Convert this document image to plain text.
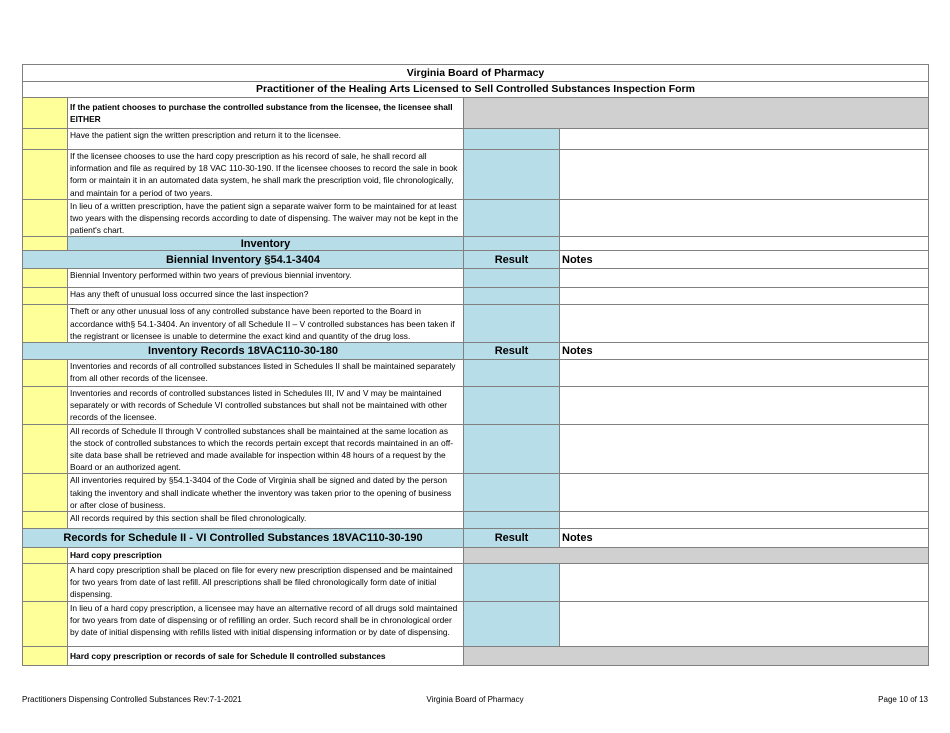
Virginia Board of Pharmacy			
Practitioner of the Healing Arts Licensed to Sell Controlled Substances Inspection Form			
	If the patient chooses to purchase the controlled substance from the licensee, the licensee shall EITHER		
	Have the patient sign the written prescription and return it to the licensee.		
	If the licensee chooses to use the hard copy prescription as his record of sale, he shall record all information and file as required by 18 VAC 110-30-190. If the licensee chooses to record the sale in book form or maintain it in an automated data system, he shall mark the prescription void, file chronologically, and maintain for a period of two years.		
	In lieu of a written prescription, have the patient sign a separate waiver form to be maintained for at least two years with the dispensing records according to date of dispensing. The waiver may not be kept in the patient's chart.		
	Inventory		
Biennial Inventory §54.1-3404		Result	Notes
	Biennial Inventory performed within two years of previous biennial inventory.		
	Has any theft of unusual loss occurred since the last inspection?		
	Theft or any other unusual loss of any controlled substance have been reported to the Board in accordance with§ 54.1-3404. An inventory of all Schedule II – V controlled substances has been taken if the registrant or licensee is unable to determine the exact kind and quantity of the drug loss.		
Inventory Records 18VAC110-30-180		Result	Notes
	Inventories and records of all controlled substances listed in Schedules II shall be maintained separately from all other records of the licensee.		
	Inventories and records of controlled substances listed in Schedules III, IV and V may be maintained separately or with records of Schedule VI controlled substances but shall not be maintained with other records of the licensee.		
	All records of Schedule II through V controlled substances shall be maintained at the same location as the stock of controlled substances to which the records pertain except that records maintained in an off-site data base shall be retrieved and made available for inspection within 48 hours of a request by the Board or an authorized agent.		
	All inventories required by §54.1-3404 of the Code of Virginia shall be signed and dated by the person taking the inventory and shall indicate whether the inventory was taken prior to the opening of business or after close of business.		
	All records required by this section shall be filed chronologically.		
Records for Schedule II - VI Controlled Substances 18VAC110-30-190		Result	Notes
	Hard copy prescription		
	A hard copy prescription shall be placed on file for every new prescription dispensed and be maintained for two years from date of last refill. All prescriptions shall be filed chronologically form date of initial dispensing.		
	In lieu of a hard copy prescription, a licensee may have an alternative record of all drugs sold maintained for two years from date of dispensing or of refilling an order. Such record shall be in chronological order by date of initial dispensing with refills listed with initial dispensing information or by date of dispensing.		
	Hard copy prescription or records of sale for Schedule II controlled substances		
Practitioners Dispensing Controlled Substances Rev:7-1-2021	Virginia Board of Pharmacy	Page 10 of 13
